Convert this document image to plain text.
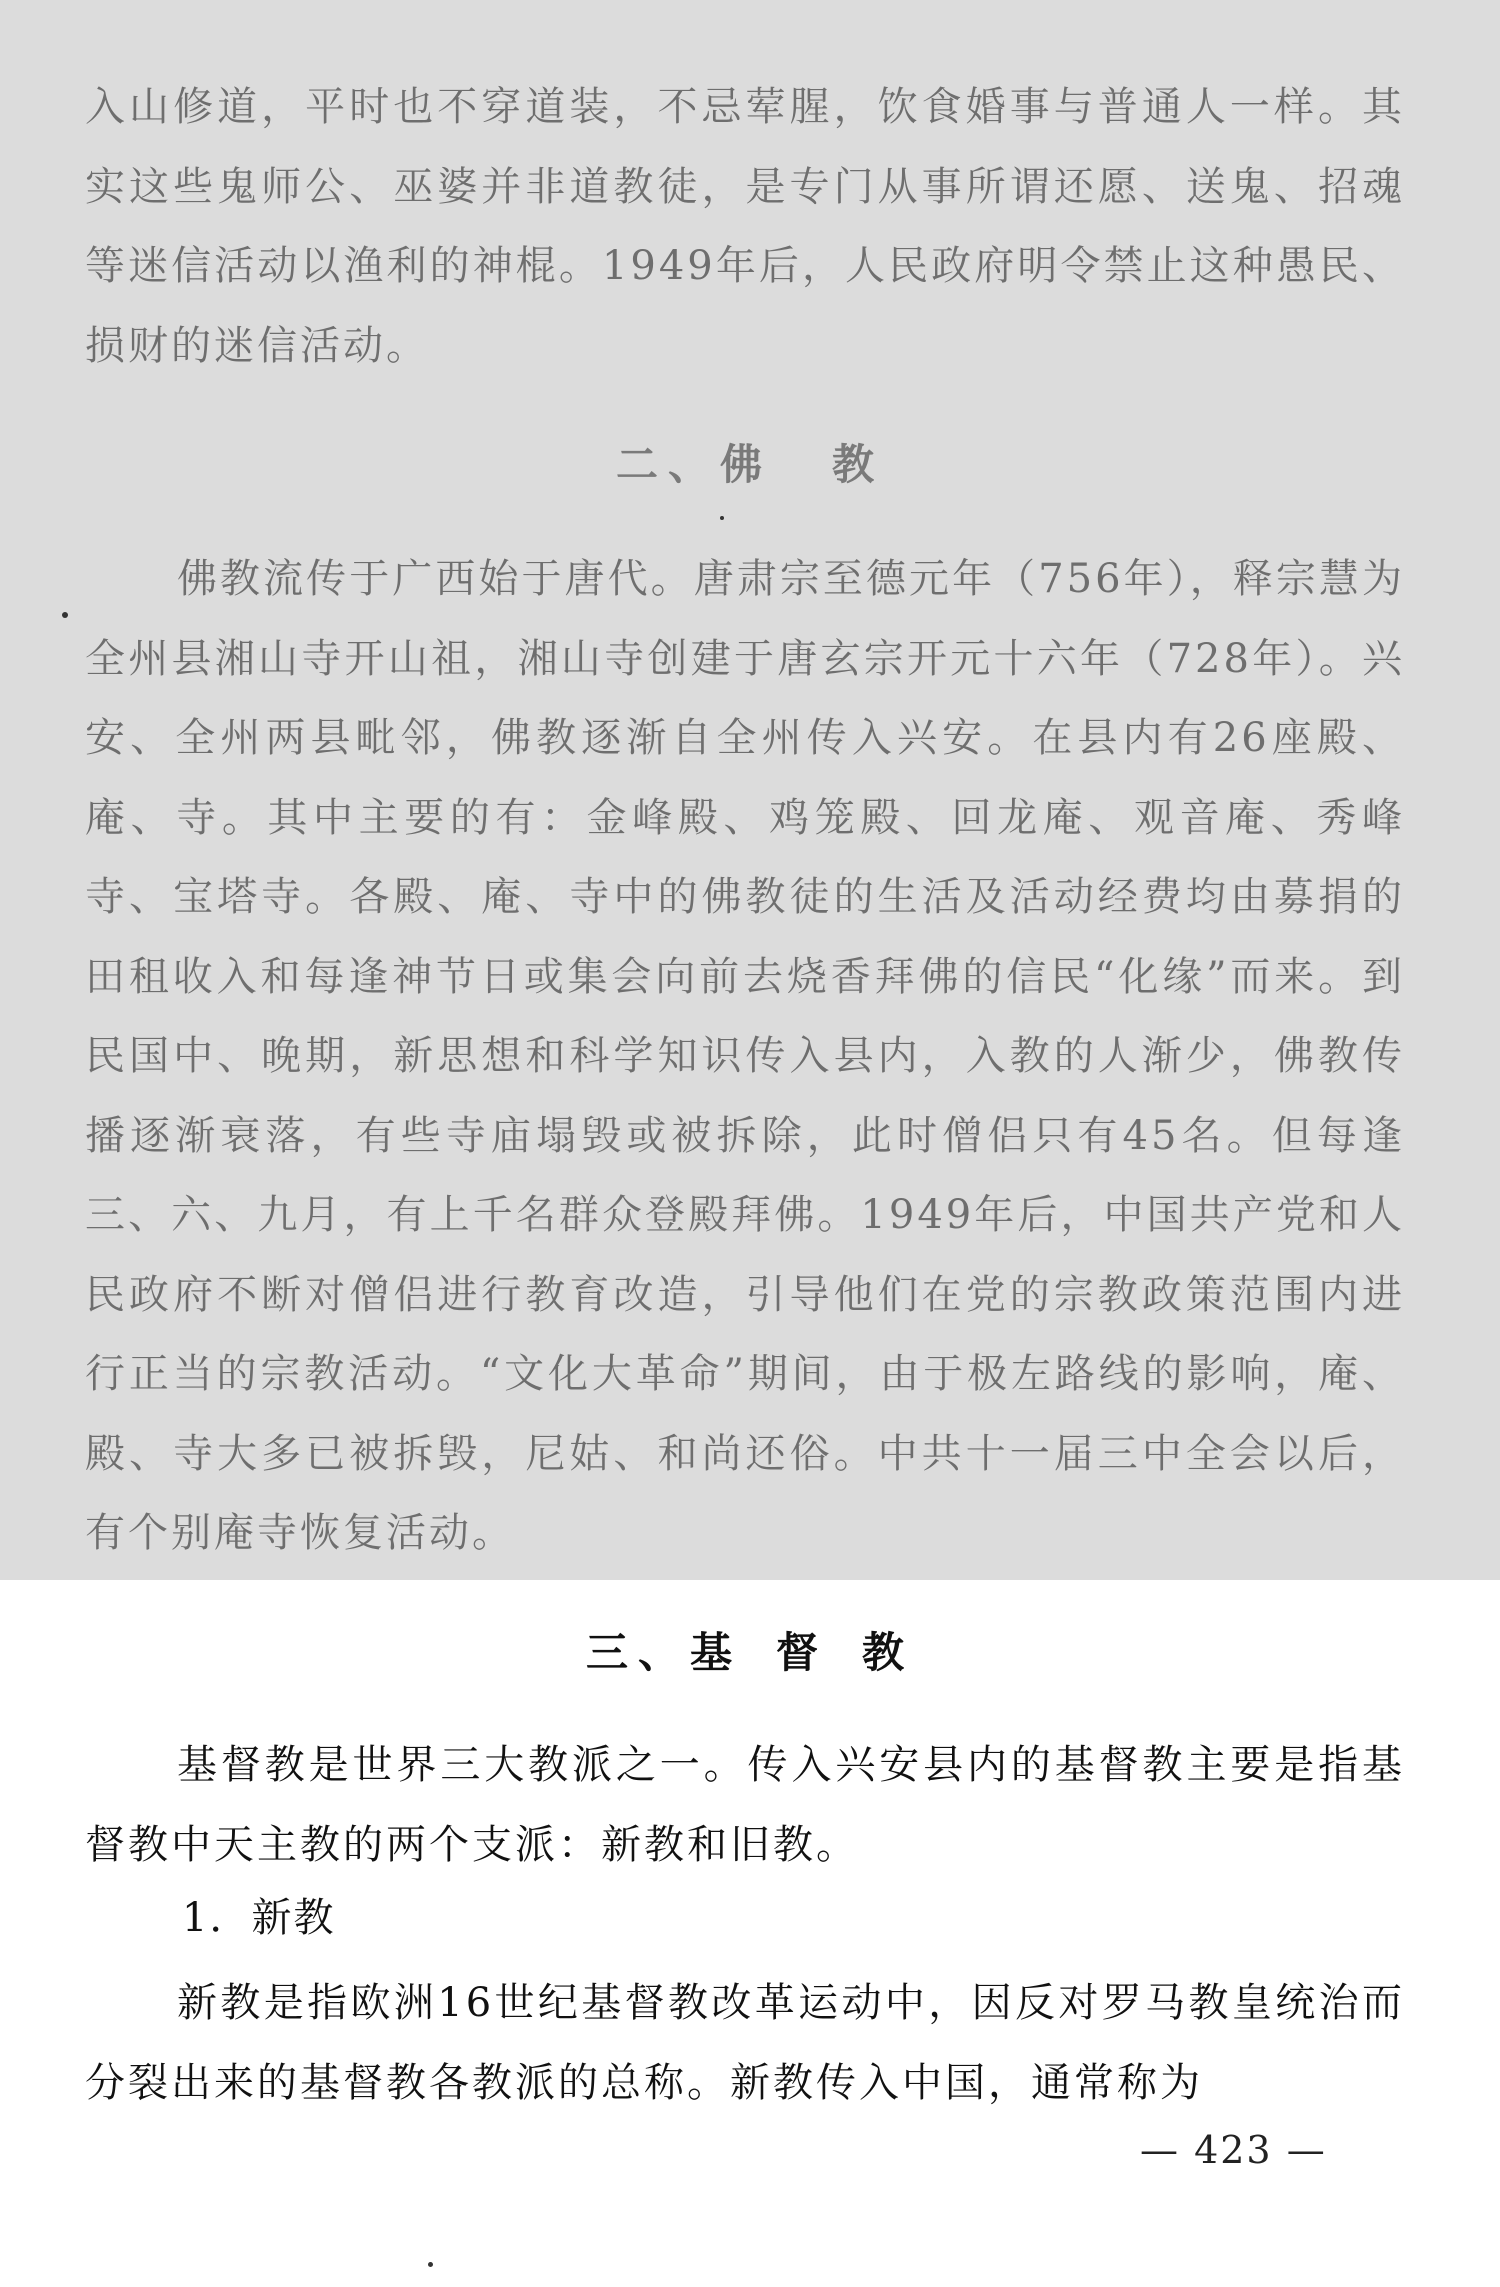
入山修道，平时也不穿道装，不忌荤腥，饮食婚事与普通人一样。其实这些鬼师公、巫婆并非道教徒，是专门从事所谓还愿、送鬼、招魂等迷信活动以渔利的神棍。1949年后，人民政府明令禁止这种愚民、损财的迷信活动。

二、佛 教

佛教流传于广西始于唐代。唐肃宗至德元年（756年），释宗慧为全州县湘山寺开山祖，湘山寺创建于唐玄宗开元十六年（728年）。兴安、全州两县毗邻，佛教逐渐自全州传入兴安。在县内有26座殿、庵、寺。其中主要的有：金峰殿、鸡笼殿、回龙庵、观音庵、秀峰寺、宝塔寺。各殿、庵、寺中的佛教徒的生活及活动经费均由募捐的田租收入和每逢神节日或集会向前去烧香拜佛的信民“化缘”而来。到民国中、晚期，新思想和科学知识传入县内，入教的人渐少，佛教传播逐渐衰落，有些寺庙塌毁或被拆除，此时僧侣只有45名。但每逢三、六、九月，有上千名群众登殿拜佛。1949年后，中国共产党和人民政府不断对僧侣进行教育改造，引导他们在党的宗教政策范围内进行正当的宗教活动。“文化大革命”期间，由于极左路线的影响，庵、殿、寺大多已被拆毁，尼姑、和尚还俗。中共十一届三中全会以后，有个别庵寺恢复活动。

三、基 督 教

基督教是世界三大教派之一。传入兴安县内的基督教主要是指基督教中天主教的两个支派：新教和旧教。

1．新教

新教是指欧洲16世纪基督教改革运动中，因反对罗马教皇统治而分裂出来的基督教各教派的总称。新教传入中国，通常称为

— 423 —
